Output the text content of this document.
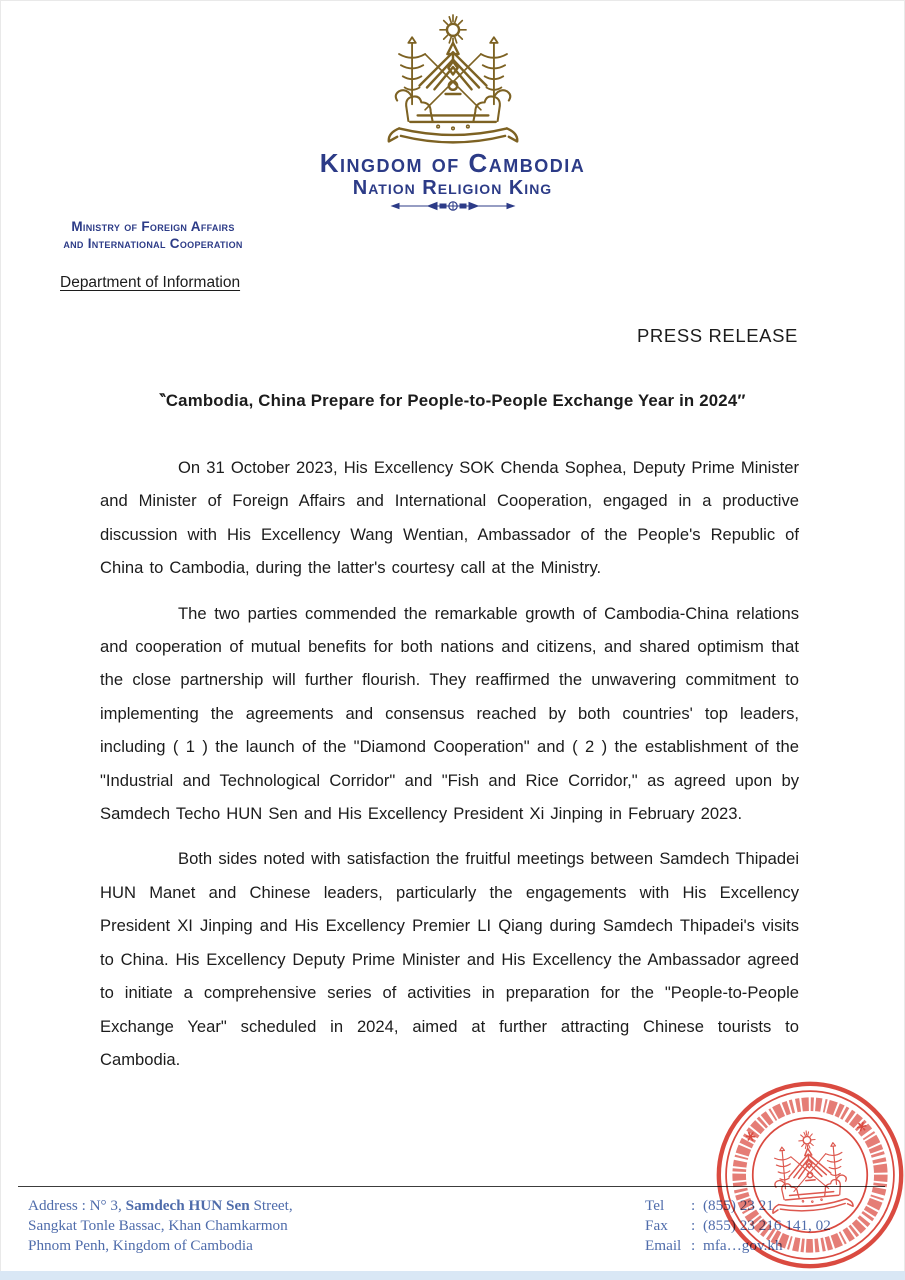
Kingdom of Cambodia
Nation Religion King
Ministry of Foreign Affairs
and International Cooperation
Department of Information
PRESS RELEASE
‶Cambodia, China Prepare for People-to-People Exchange Year in 2024″

On 31 October 2023, His Excellency SOK Chenda Sophea, Deputy Prime Minister and Minister of Foreign Affairs and International Cooperation, engaged in a productive discussion with His Excellency Wang Wentian, Ambassador of the People's Republic of China to Cambodia, during the latter's courtesy call at the Ministry.

The two parties commended the remarkable growth of Cambodia-China relations and cooperation of mutual benefits for both nations and citizens, and shared optimism that the close partnership will further flourish. They reaffirmed the unwavering commitment to implementing the agreements and consensus reached by both countries' top leaders, including ( 1 ) the launch of the "Diamond Cooperation" and ( 2 ) the establishment of the "Industrial and Technological Corridor" and "Fish and Rice Corridor," as agreed upon by Samdech Techo HUN Sen and His Excellency President Xi Jinping in February 2023.

Both sides noted with satisfaction the fruitful meetings between Samdech Thipadei HUN Manet and Chinese leaders, particularly the engagements with His Excellency President XI Jinping and His Excellency Premier LI Qiang during Samdech Thipadei's visits to China. His Excellency Deputy Prime Minister and His Excellency the Ambassador agreed to initiate a comprehensive series of activities in preparation for the "People-to-People Exchange Year" scheduled in 2024, aimed at further attracting Chinese tourists to Cambodia.

Address : N° 3, Samdech HUN Sen Street,
Sangkat Tonle Bassac, Khan Chamkarmon
Phnom Penh, Kingdom of Cambodia
Tel	: (855) 23 21
Fax	: (855) 23 216 141, 02
Email : mfa…gov.kh
